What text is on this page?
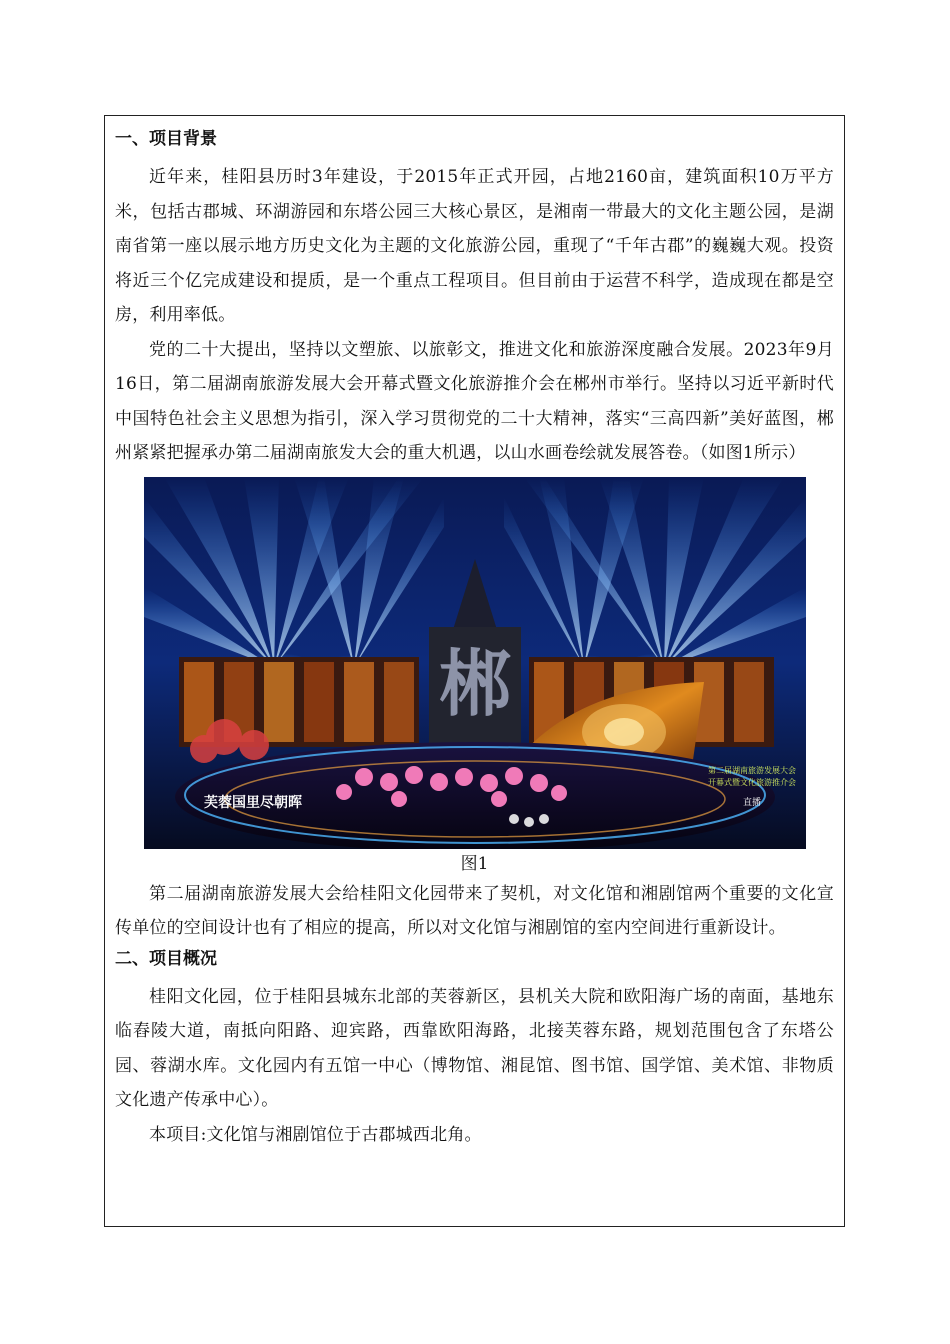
一、项目背景

近年来，桂阳县历时3年建设，于2015年正式开园，占地2160亩，建筑面积10万平方米，包括古郡城、环湖游园和东塔公园三大核心景区，是湘南一带最大的文化主题公园，是湖南省第一座以展示地方历史文化为主题的文化旅游公园，重现了“千年古郡”的巍巍大观。投资将近三个亿完成建设和提质，是一个重点工程项目。但目前由于运营不科学，造成现在都是空房，利用率低。

党的二十大提出，坚持以文塑旅、以旅彰文，推进文化和旅游深度融合发展。2023年9月16日，第二届湖南旅游发展大会开幕式暨文化旅游推介会在郴州市举行。坚持以习近平新时代中国特色社会主义思想为指引，深入学习贯彻党的二十大精神，落实“三高四新”美好蓝图，郴州紧紧把握承办第二届湖南旅发大会的重大机遇，以山水画卷绘就发展答卷。（如图1所示）

郴
芙蓉国里尽朝晖
第二届湖南旅游发展大会
开幕式暨文化旅游推介会
直播

图1

第二届湖南旅游发展大会给桂阳文化园带来了契机，对文化馆和湘剧馆两个重要的文化宣传单位的空间设计也有了相应的提高，所以对文化馆与湘剧馆的室内空间进行重新设计。

二、项目概况

桂阳文化园，位于桂阳县城东北部的芙蓉新区，县机关大院和欧阳海广场的南面，基地东临舂陵大道，南抵向阳路、迎宾路，西靠欧阳海路，北接芙蓉东路，规划范围包含了东塔公园、蓉湖水库。文化园内有五馆一中心（博物馆、湘昆馆、图书馆、国学馆、美术馆、非物质文化遗产传承中心）。

本项目:文化馆与湘剧馆位于古郡城西北角。
